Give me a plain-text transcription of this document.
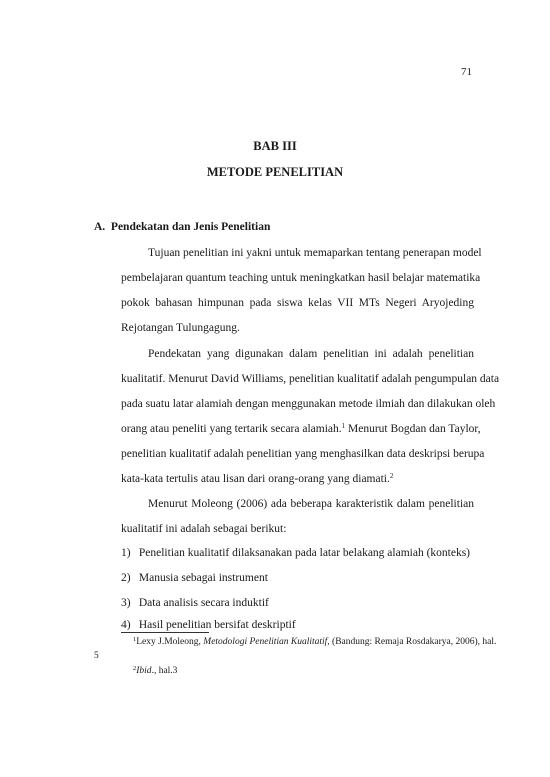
71
BAB III
METODE PENELITIAN
A.  Pendekatan dan Jenis Penelitian
Tujuan penelitian ini yakni untuk memaparkan tentang penerapan model
pembelajaran quantum teaching untuk meningkatkan hasil belajar matematika
pokok bahasan himpunan pada siswa kelas VII MTs Negeri Aryojeding
Rejotangan Tulungagung.
Pendekatan yang digunakan dalam penelitian ini adalah penelitian
kualitatif. Menurut David Williams, penelitian kualitatif adalah pengumpulan data
pada suatu latar alamiah dengan menggunakan metode ilmiah dan dilakukan oleh
orang atau peneliti yang tertarik secara alamiah.$^1$ Menurut Bogdan dan Taylor,
penelitian kualitatif adalah penelitian yang menghasilkan data deskripsi berupa
kata-kata tertulis atau lisan dari orang-orang yang diamati.$^2$
Menurut Moleong (2006) ada beberapa karakteristik dalam penelitian
kualitatif ini adalah sebagai berikut:
1) Penelitian kualitatif dilaksanakan pada latar belakang alamiah (konteks)
2) Manusia sebagai instrument
3) Data analisis secara induktif
4) Hasil penelitian bersifat deskriptif
$^1$Lexy J.Moleong, Metodologi Penelitian Kualitatif, (Bandung: Remaja Rosdakarya, 2006), hal.
5
$^2$Ibid., hal.3
